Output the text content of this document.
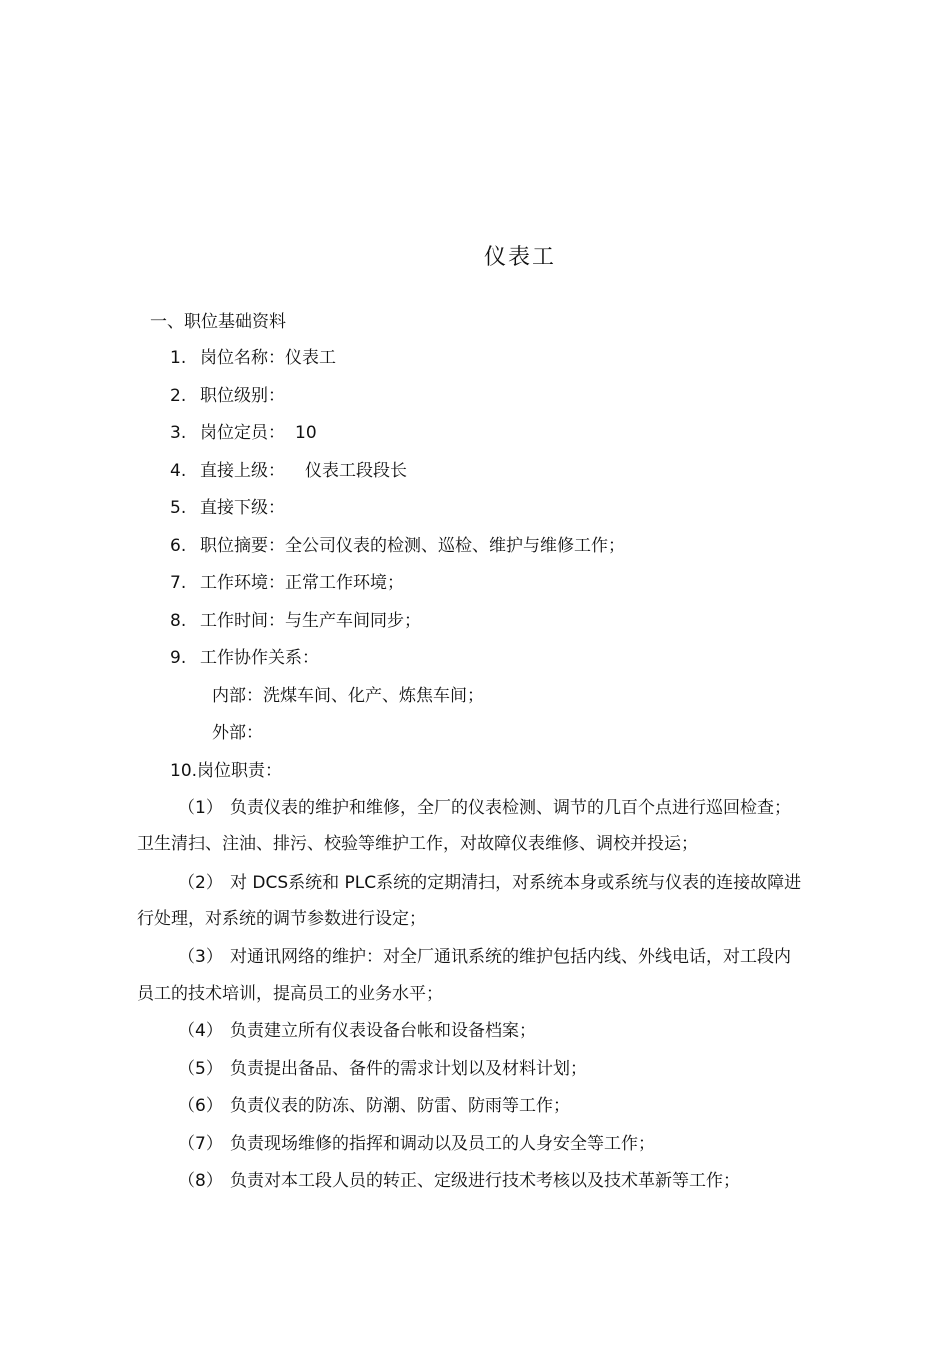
仪表工
一、职位基础资料
1. 岗位名称：仪表工
2. 职位级别：
3. 岗位定员： 10
4. 直接上级： 仪表工段段长
5. 直接下级：
6. 职位摘要：全公司仪表的检测、巡检、维护与维修工作；
7. 工作环境：正常工作环境；
8. 工作时间：与生产车间同步；
9. 工作协作关系：
内部：洗煤车间、化产、炼焦车间；
外部：
10.岗位职责：
（1） 负责仪表的维护和维修，全厂的仪表检测、调节的几百个点进行巡回检查；
卫生清扫、注油、排污、校验等维护工作，对故障仪表维修、调校并投运；
（2） 对 DCS系统和 PLC系统的定期清扫，对系统本身或系统与仪表的连接故障进
行处理，对系统的调节参数进行设定；
（3） 对通讯网络的维护：对全厂通讯系统的维护包括内线、外线电话，对工段内
员工的技术培训，提高员工的业务水平；
（4） 负责建立所有仪表设备台帐和设备档案；
（5） 负责提出备品、备件的需求计划以及材料计划；
（6） 负责仪表的防冻、防潮、防雷、防雨等工作；
（7） 负责现场维修的指挥和调动以及员工的人身安全等工作；
（8） 负责对本工段人员的转正、定级进行技术考核以及技术革新等工作；
